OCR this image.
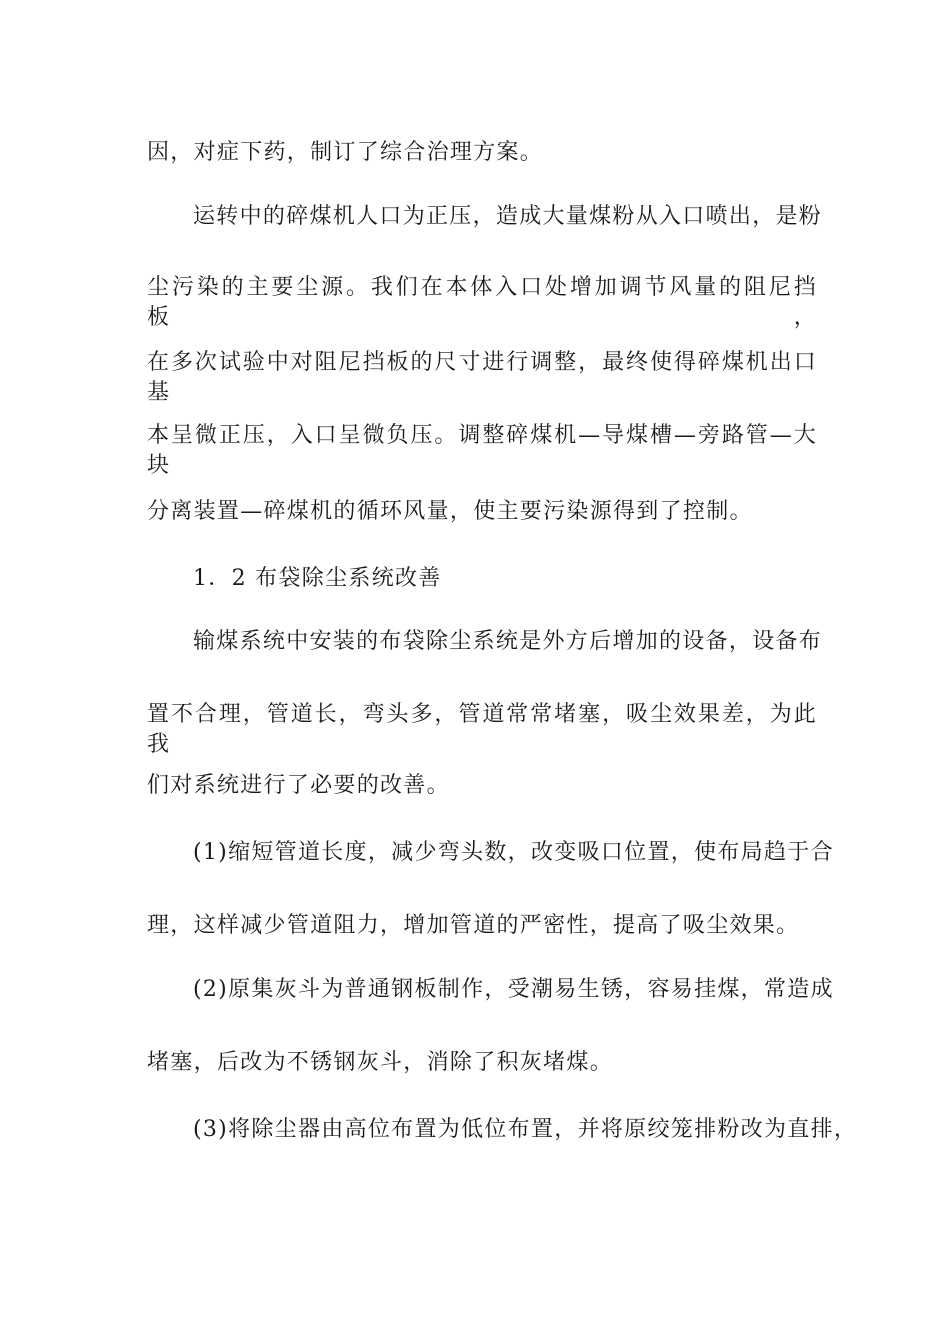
因，对症下药，制订了综合治理方案。
运转中的碎煤机人口为正压，造成大量煤粉从入口喷出，是粉
尘污染的主要尘源。我们在本体入口处增加调节风量的阻尼挡板，
在多次试验中对阻尼挡板的尺寸进行调整，最终使得碎煤机出口基
本呈微正压，入口呈微负压。调整碎煤机—导煤槽—旁路管—大块
分离装置—碎煤机的循环风量，使主要污染源得到了控制。
1．2 布袋除尘系统改善
输煤系统中安装的布袋除尘系统是外方后增加的设备，设备布
置不合理，管道长，弯头多，管道常常堵塞，吸尘效果差，为此我
们对系统进行了必要的改善。
(1)缩短管道长度，减少弯头数，改变吸口位置，使布局趋于合
理，这样减少管道阻力，增加管道的严密性，提高了吸尘效果。
(2)原集灰斗为普通钢板制作，受潮易生锈，容易挂煤，常造成
堵塞，后改为不锈钢灰斗，消除了积灰堵煤。
(3)将除尘器由高位布置为低位布置，并将原绞笼排粉改为直排，
